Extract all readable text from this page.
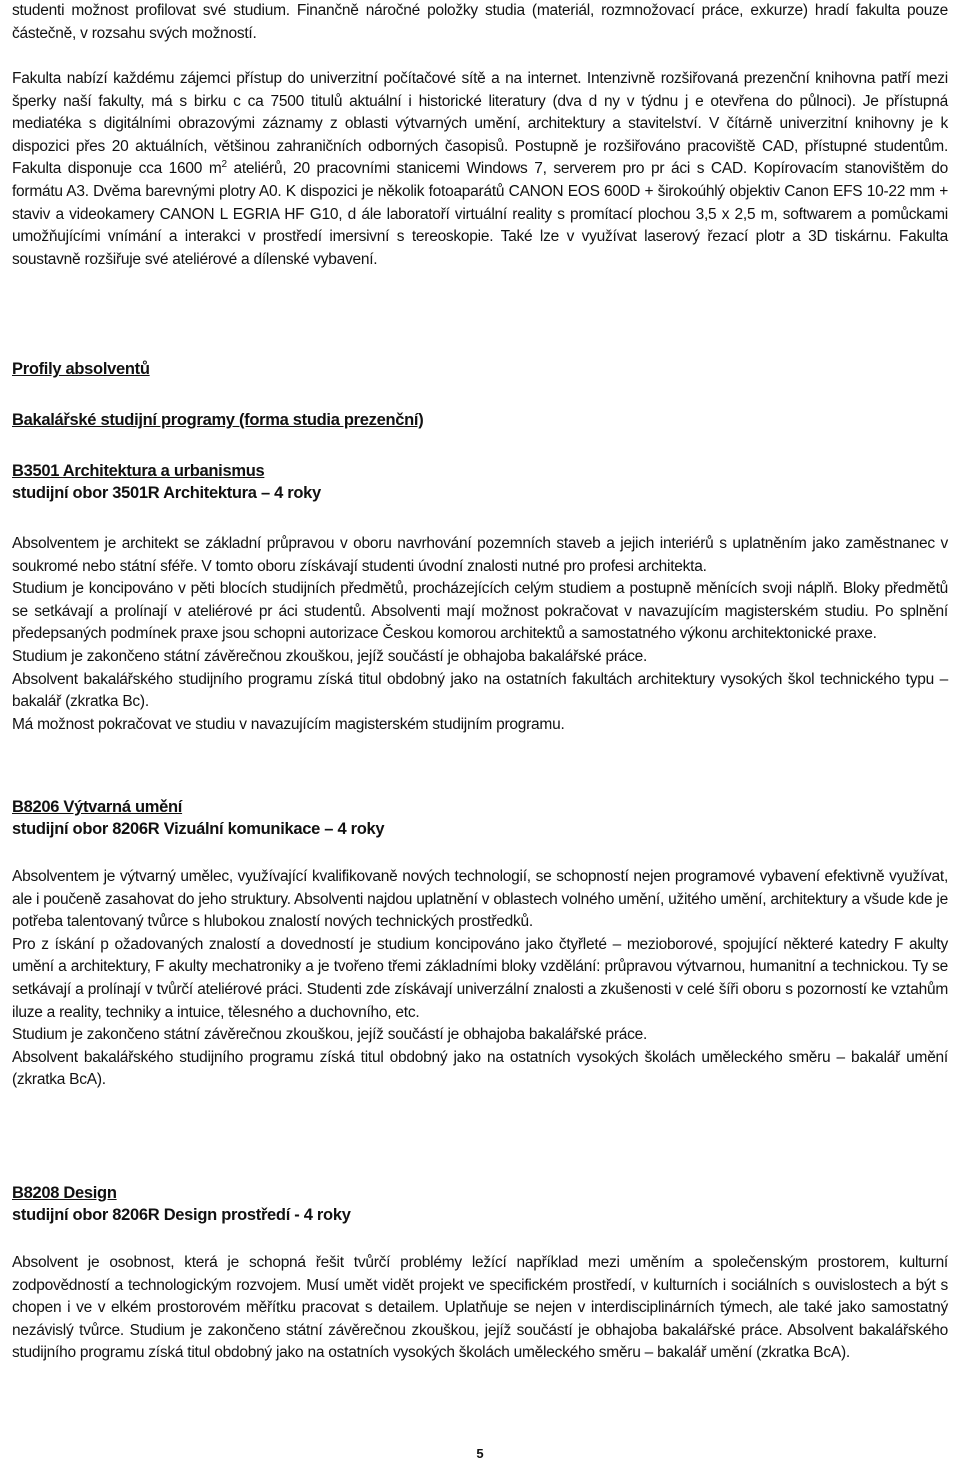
studenti možnost profilovat své studium. Finančně náročné položky studia (materiál, rozmnožovací práce, exkurze) hradí fakulta pouze částečně, v rozsahu svých možností.

Fakulta nabízí každému zájemci přístup do univerzitní počítačové sítě a na internet. Intenzivně rozšiřovaná prezenční knihovna patří mezi šperky naší fakulty, má s birku c ca 7500 titulů aktuální i historické literatury (dva d ny v týdnu j e otevřena do půlnoci). Je přístupná mediatéka s digitálními obrazovými záznamy z oblasti výtvarných umění, architektury a stavitelství. V čítárně univerzitní knihovny je k dispozici přes 20 aktuálních, většinou zahraničních odborných časopisů. Postupně je rozšiřováno pracoviště CAD, přístupné studentům. Fakulta disponuje cca 1600 $m^2$ ateliérů, 20 pracovními stanicemi Windows 7, serverem pro pr áci s CAD. Kopírovacím stanovištěm do formátu A3. Dvěma barevnými plotry A0. K dispozici je několik fotoaparátů CANON EOS 600D + širokoúhlý objektiv Canon EFS 10-22 mm + staviv a videokamery CANON L EGRIA HF G10, d ále laboratoří virtuální reality s promítací plochou 3,5 x 2,5 m, softwarem a pomůckami umožňujícími vnímání a interakci v prostředí imersivní s tereoskopie. Také lze v využívat laserový řezací plotr a 3D tiskárnu. Fakulta soustavně rozšiřuje své ateliérové a dílenské vybavení.

Profily absolventů
Bakalářské studijní programy (forma studia prezenční)
B3501 Architektura a urbanismus
studijní obor 3501R Architektura – 4 roky

Absolventem je architekt se základní průpravou v oboru navrhování pozemních staveb a jejich interiérů s uplatněním jako zaměstnanec v soukromé nebo státní sféře. V tomto oboru získávají studenti úvodní znalosti nutné pro profesi architekta.

Studium je koncipováno v pěti blocích studijních předmětů, procházejících celým studiem a postupně měnících svoji náplň. Bloky předmětů se setkávají a prolínají v ateliérové pr áci studentů. Absolventi mají možnost pokračovat v navazujícím magisterském studiu. Po splnění předepsaných podmínek praxe jsou schopni autorizace Českou komorou architektů a samostatného výkonu architektonické praxe.

Studium je zakončeno státní závěrečnou zkouškou, jejíž součástí je obhajoba bakalářské práce.

Absolvent bakalářského studijního programu získá titul obdobný jako na ostatních fakultách architektury vysokých škol technického typu – bakalář (zkratka Bc).

Má možnost pokračovat ve studiu v navazujícím magisterském studijním programu.

B8206 Výtvarná umění
studijní obor 8206R Vizuální komunikace – 4 roky

Absolventem je výtvarný umělec, využívající kvalifikovaně nových technologií, se schopností nejen programové vybavení efektivně využívat, ale i poučeně zasahovat do jeho struktury. Absolventi najdou uplatnění v oblastech volného umění, užitého umění, architektury a všude kde je potřeba talentovaný tvůrce s hlubokou znalostí nových technických prostředků.

Pro z ískání p ožadovaných znalostí a dovedností je studium koncipováno jako čtyřleté – mezioborové, spojující některé katedry F akulty umění a architektury, F akulty mechatroniky a je tvořeno třemi základními bloky vzdělání: průpravou výtvarnou, humanitní a technickou. Ty se setkávají a prolínají v tvůrčí ateliérové práci. Studenti zde získávají univerzální znalosti a zkušenosti v celé šíři oboru s pozorností ke vztahům iluze a reality, techniky a intuice, tělesného a duchovního, etc.

Studium je zakončeno státní závěrečnou zkouškou, jejíž součástí je obhajoba bakalářské práce.

Absolvent bakalářského studijního programu získá titul obdobný jako na ostatních vysokých školách uměleckého směru – bakalář umění (zkratka BcA).

B8208 Design
studijní obor 8206R Design prostředí - 4 roky

Absolvent je osobnost, která je schopná řešit tvůrčí problémy ležící například mezi uměním a společenským prostorem, kulturní zodpovědností a technologickým rozvojem. Musí umět vidět projekt ve specifickém prostředí, v kulturních i sociálních s ouvislostech a být s chopen i ve v elkém prostorovém měřítku pracovat s detailem. Uplatňuje se nejen v interdisciplinárních týmech, ale také jako samostatný nezávislý tvůrce. Studium je zakončeno státní závěrečnou zkouškou, jejíž součástí je obhajoba bakalářské práce. Absolvent bakalářského studijního programu získá titul obdobný jako na ostatních vysokých školách uměleckého směru – bakalář umění (zkratka BcA).

5
